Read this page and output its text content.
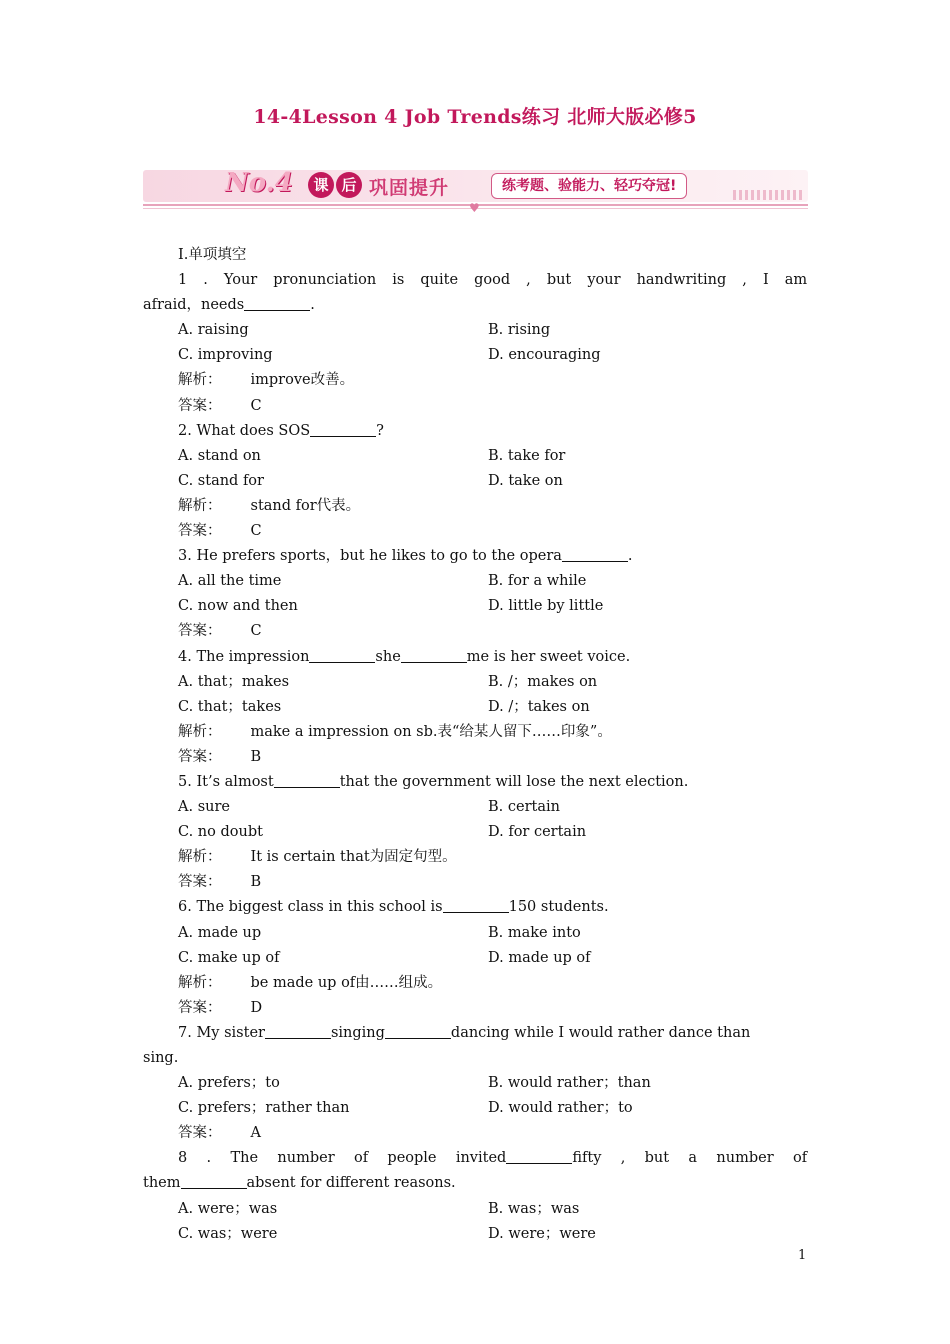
14-4Lesson 4 Job Trends练习 北师大版必修5
♥
No.4	课 后 巩固提升	练考题、验能力、轻巧夺冠!
Ⅰ.单项填空
1 . Your pronunciation is quite good , but your handwriting , I am
afraid，needs	.
A. raising	B. rising
C. improving	D. encouraging
解析： improve改善。
答案： C
2. What does SOS	?
A. stand on	B. take for
C. stand for	D. take on
解析： stand for代表。
答案： C
3. He prefers sports，but he likes to go to the opera	.
A. all the time	B. for a while
C. now and then	D. little by little
答案： C
4. The impression	she	me is her sweet voice.
A. that；makes	B. /；makes on
C. that；takes	D. /；takes on
解析： make a impression on sb.表“给某人留下……印象”。
答案： B
5. It’s almost	that the government will lose the next election.
A. sure	B. certain
C. no doubt	D. for certain
解析： It is certain that为固定句型。
答案： B
6. The biggest class in this school is	150 students.
A. made up	B. make into
C. make up of	D. made up of
解析： be made up of由……组成。
答案： D
7. My sister	singing	dancing while I would rather dance than
sing.
A. prefers；to	B. would rather；than
C. prefers；rather than	D. would rather；to
答案： A
8 . The number of people invited	fifty , but a number of
them	absent for different reasons.
A. were；was	B. was；was
C. was；were	D. were；were
1
